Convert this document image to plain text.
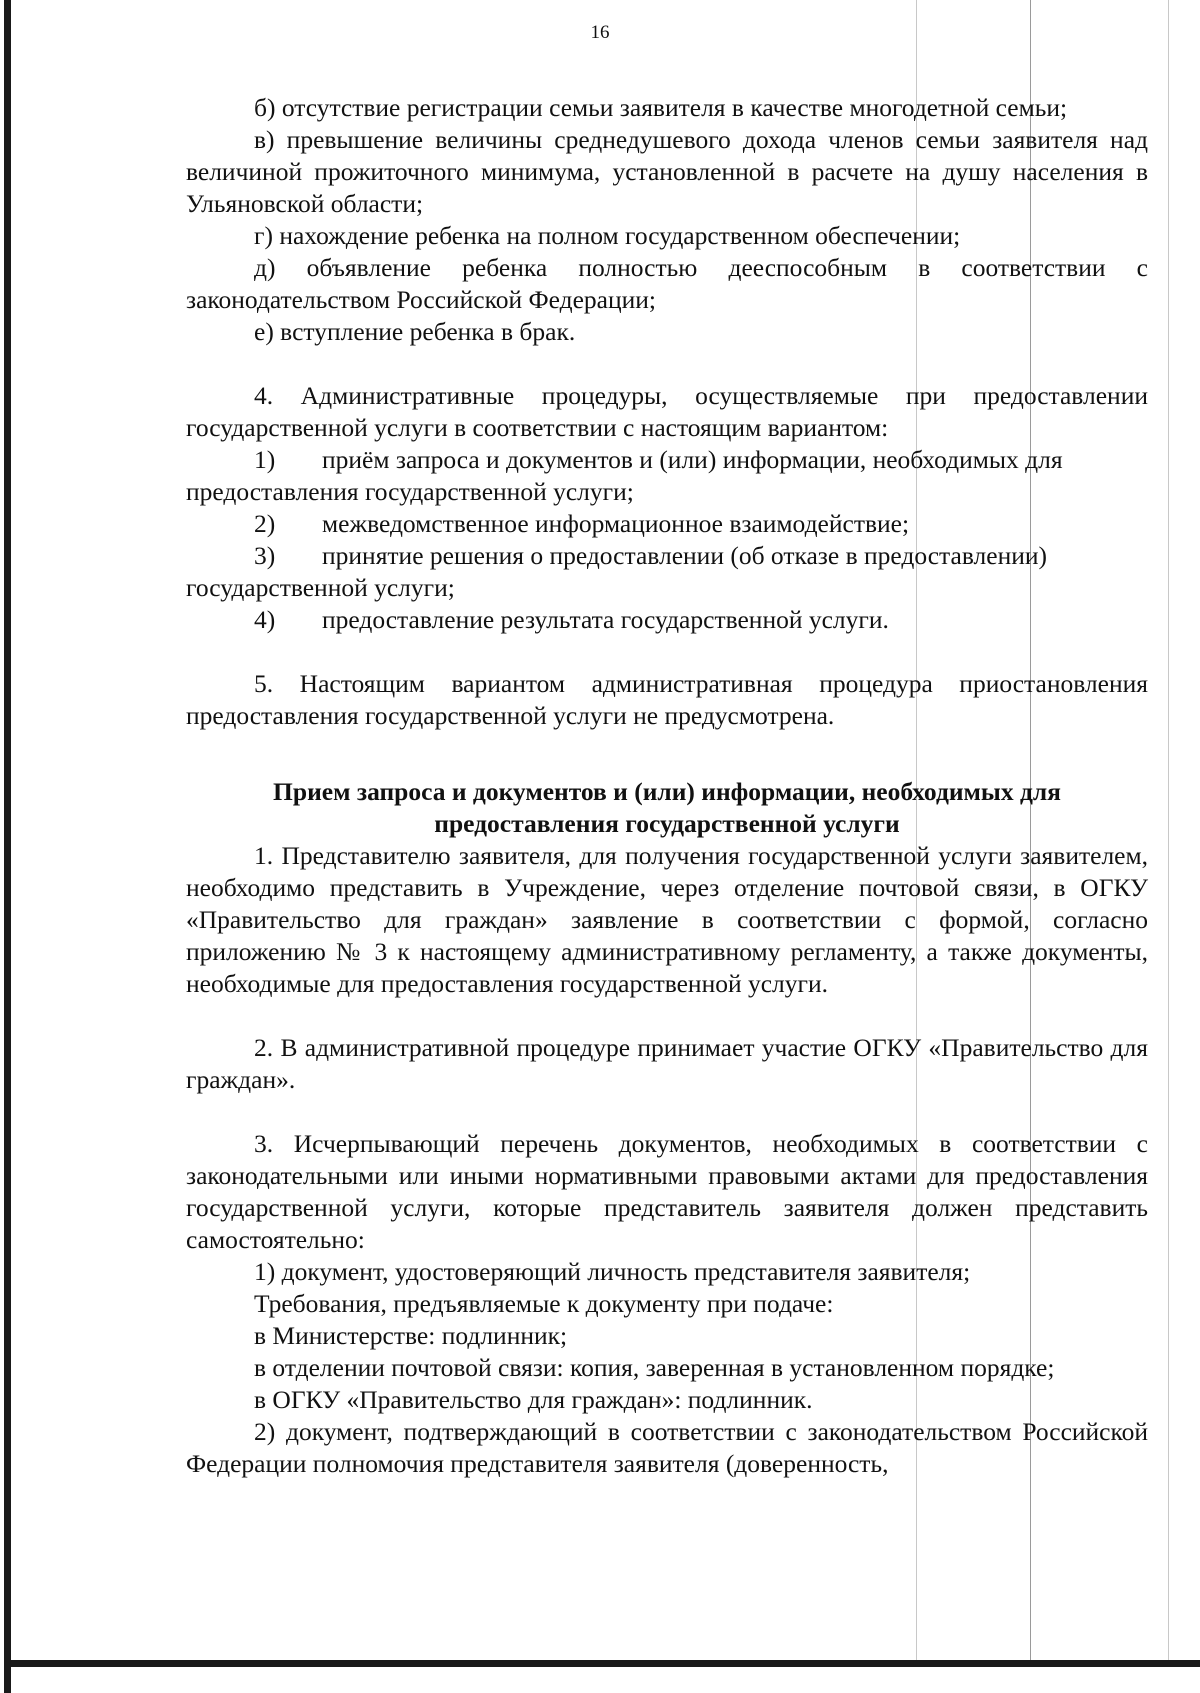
16

б) отсутствие регистрации семьи заявителя в качестве многодетной семьи;

в) превышение величины среднедушевого дохода членов семьи заявителя над величиной прожиточного минимума, установленной в расчете на душу населения в Ульяновской области;

г) нахождение ребенка на полном государственном обеспечении;

д) объявление ребенка полностью дееспособным в соответствии с законодательством Российской Федерации;

е) вступление ребенка в брак.

4. Административные процедуры, осуществляемые при предоставлении государственной услуги в соответствии с настоящим вариантом:

1)	приём запроса и документов и (или) информации, необходимых для

предоставления государственной услуги;

2)	межведомственное информационное взаимодействие;
3)	принятие решения о предоставлении (об отказе в предоставлении)

государственной услуги;

4)	предоставление результата государственной услуги.

5. Настоящим вариантом административная процедура приостановления предоставления государственной услуги не предусмотрена.

Прием запроса и документов и (или) информации, необходимых для

предоставления государственной услуги

1. Представителю заявителя, для получения государственной услуги заявителем, необходимо представить в Учреждение, через отделение почтовой связи, в ОГКУ «Правительство для граждан» заявление в соответствии с формой, согласно приложению № 3 к настоящему административному регламенту, а также документы, необходимые для предоставления государственной услуги.

2. В административной процедуре принимает участие ОГКУ «Правительство для граждан».

3. Исчерпывающий перечень документов, необходимых в соответствии с законодательными или иными нормативными правовыми актами для предоставления государственной услуги, которые представитель заявителя должен представить самостоятельно:

1) документ, удостоверяющий личность представителя заявителя;

Требования, предъявляемые к документу при подаче:

в Министерстве: подлинник;

в отделении почтовой связи: копия, заверенная в установленном порядке;

в ОГКУ «Правительство для граждан»: подлинник.

2) документ, подтверждающий в соответствии с законодательством Российской Федерации полномочия представителя заявителя (доверенность,
